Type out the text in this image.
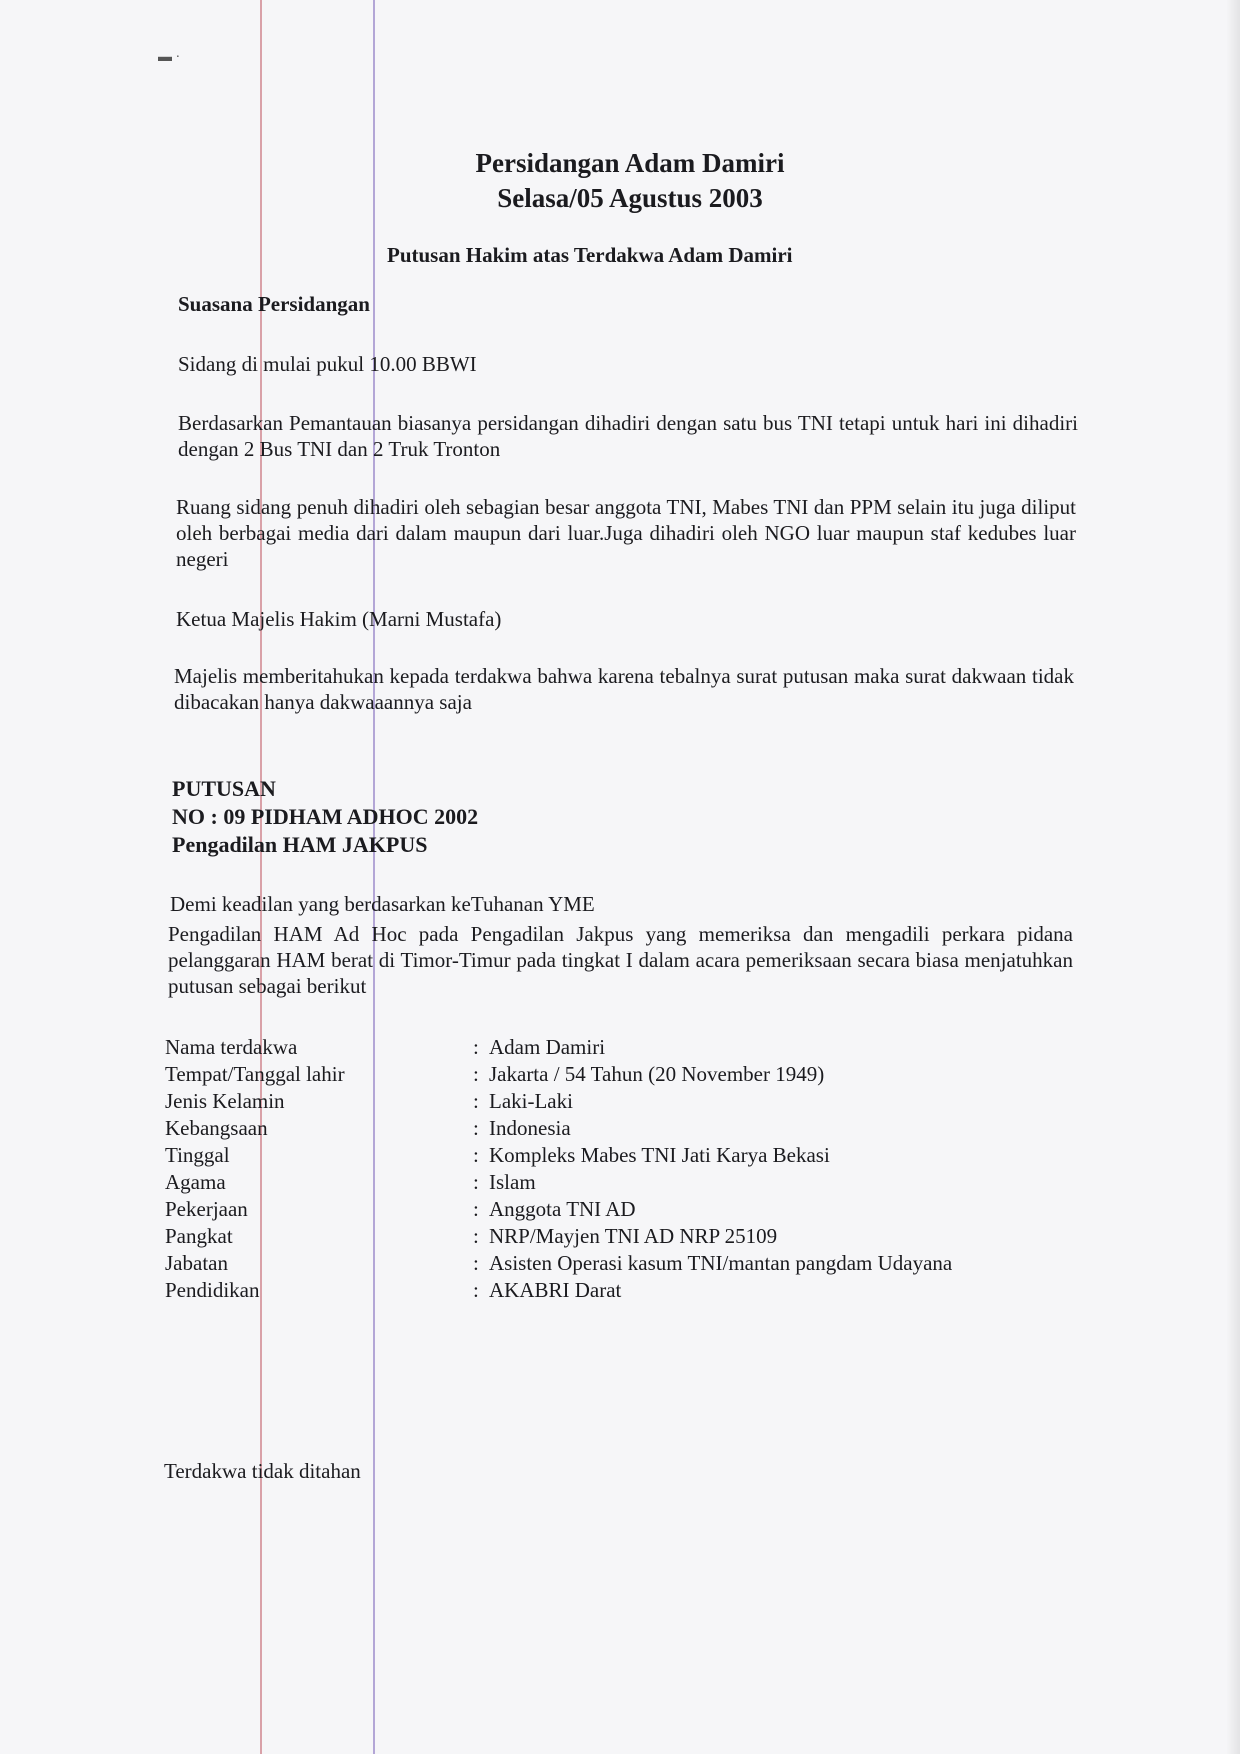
▬ ·
Persidangan Adam Damiri
Selasa/05 Agustus 2003
Putusan Hakim atas Terdakwa Adam Damiri
Suasana Persidangan

Sidang di mulai pukul 10.00 BBWI

Berdasarkan Pemantauan biasanya persidangan dihadiri dengan satu bus TNI tetapi untuk hari ini dihadiri dengan 2 Bus TNI dan 2 Truk Tronton

Ruang sidang penuh dihadiri oleh sebagian besar anggota TNI, Mabes TNI dan PPM selain itu juga diliput oleh berbagai media dari dalam maupun dari luar.Juga dihadiri oleh NGO luar maupun staf kedubes luar negeri

Ketua Majelis Hakim (Marni Mustafa)

Majelis memberitahukan kepada terdakwa bahwa karena tebalnya surat putusan maka surat dakwaan tidak dibacakan hanya dakwaaannya saja

PUTUSAN
NO : 09 PIDHAM ADHOC 2002
Pengadilan HAM JAKPUS

Demi keadilan yang berdasarkan keTuhanan YME

Pengadilan HAM Ad Hoc pada Pengadilan Jakpus yang memeriksa dan mengadili perkara pidana pelanggaran HAM berat di Timor-Timur pada tingkat I dalam acara pemeriksaan secara biasa menjatuhkan putusan sebagai berikut

Nama terdakwa	:	Adam Damiri
Tempat/Tanggal lahir	:	Jakarta / 54 Tahun (20 November 1949)
Jenis Kelamin	:	Laki-Laki
Kebangsaan	:	Indonesia
Tinggal	:	Kompleks Mabes TNI Jati Karya Bekasi
Agama	:	Islam
Pekerjaan	:	Anggota TNI AD
Pangkat	:	NRP/Mayjen TNI AD NRP 25109
Jabatan	:	Asisten Operasi kasum TNI/mantan pangdam Udayana
Pendidikan	:	AKABRI Darat

Terdakwa tidak ditahan
